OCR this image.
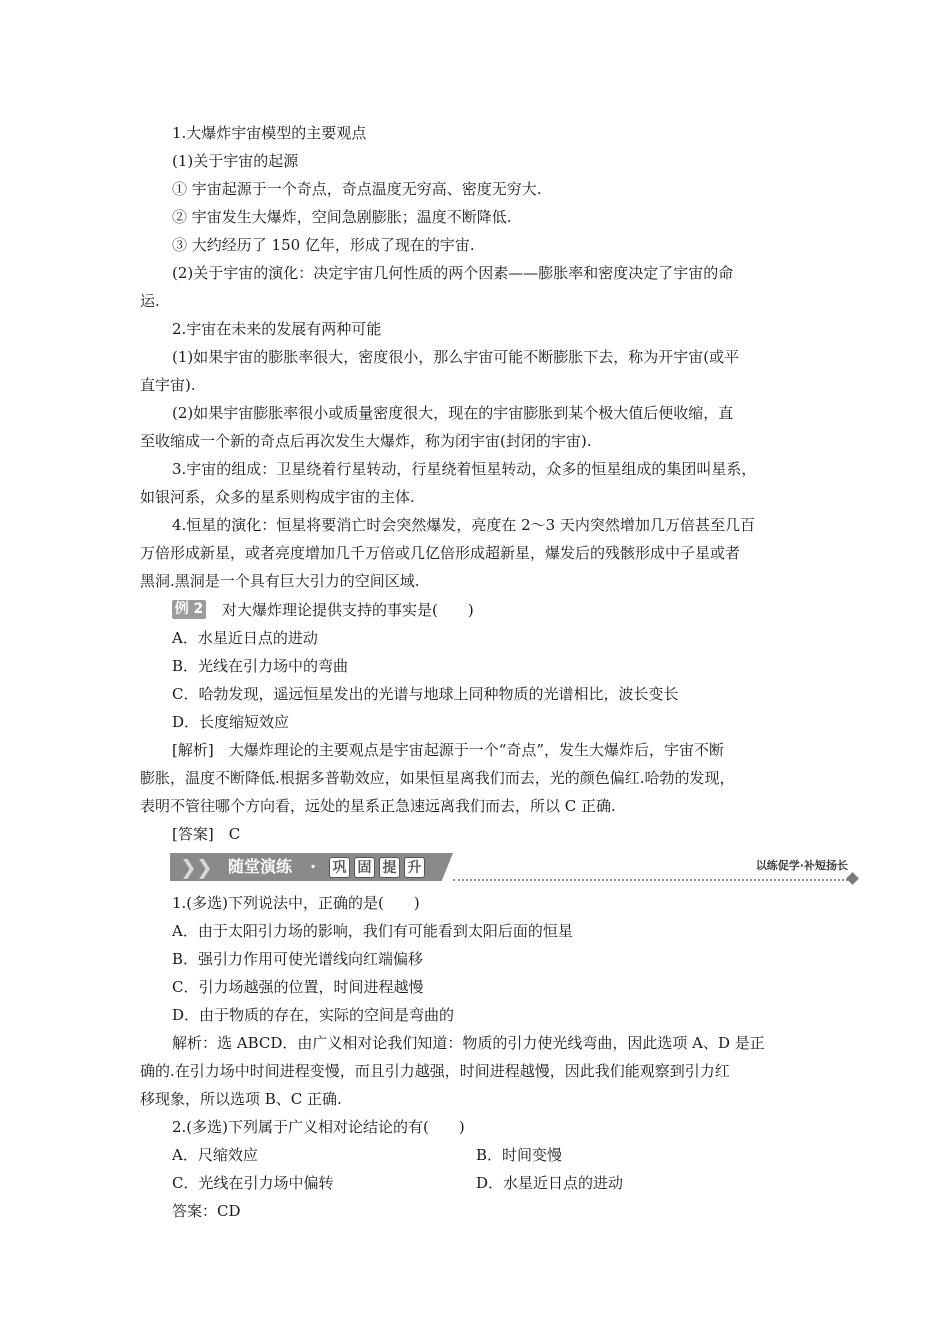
1.大爆炸宇宙模型的主要观点
(1)关于宇宙的起源
① 宇宙起源于一个奇点，奇点温度无穷高、密度无穷大.
② 宇宙发生大爆炸，空间急剧膨胀；温度不断降低.
③ 大约经历了 150 亿年，形成了现在的宇宙.
(2)关于宇宙的演化：决定宇宙几何性质的两个因素——膨胀率和密度决定了宇宙的命
运.
2.宇宙在未来的发展有两种可能
(1)如果宇宙的膨胀率很大，密度很小，那么宇宙可能不断膨胀下去，称为开宇宙(或平
直宇宙).
(2)如果宇宙膨胀率很小或质量密度很大，现在的宇宙膨胀到某个极大值后便收缩，直
至收缩成一个新的奇点后再次发生大爆炸，称为闭宇宙(封闭的宇宙).
3.宇宙的组成：卫星绕着行星转动，行星绕着恒星转动，众多的恒星组成的集团叫星系，
如银河系，众多的星系则构成宇宙的主体.
4.恒星的演化：恒星将要消亡时会突然爆发，亮度在 2～3 天内突然增加几万倍甚至几百
万倍形成新星，或者亮度增加几千万倍或几亿倍形成超新星，爆发后的残骸形成中子星或者
黑洞.黑洞是一个具有巨大引力的空间区域.
例 2 对大爆炸理论提供支持的事实是(　　)
A．水星近日点的进动
B．光线在引力场中的弯曲
C．哈勃发现，遥远恒星发出的光谱与地球上同种物质的光谱相比，波长变长
D．长度缩短效应
[解析]　大爆炸理论的主要观点是宇宙起源于一个“奇点”，发生大爆炸后，宇宙不断
膨胀，温度不断降低.根据多普勒效应，如果恒星离我们而去，光的颜色偏红.哈勃的发现，
表明不管往哪个方向看，远处的星系正急速远离我们而去，所以 C 正确.
[答案]　C
❯ ❯ 随堂演练 · 巩 固 提 升	以练促学·补短扬长
1.(多选)下列说法中，正确的是(　　)
A．由于太阳引力场的影响，我们有可能看到太阳后面的恒星
B．强引力作用可使光谱线向红端偏移
C．引力场越强的位置，时间进程越慢
D．由于物质的存在，实际的空间是弯曲的
解析：选 ABCD．由广义相对论我们知道：物质的引力使光线弯曲，因此选项 A、D 是正
确的.在引力场中时间进程变慢，而且引力越强，时间进程越慢，因此我们能观察到引力红
移现象，所以选项 B、C 正确.
2.(多选)下列属于广义相对论结论的有(　　)
A．尺缩效应	B．时间变慢
C．光线在引力场中偏转	D．水星近日点的进动
答案：CD
